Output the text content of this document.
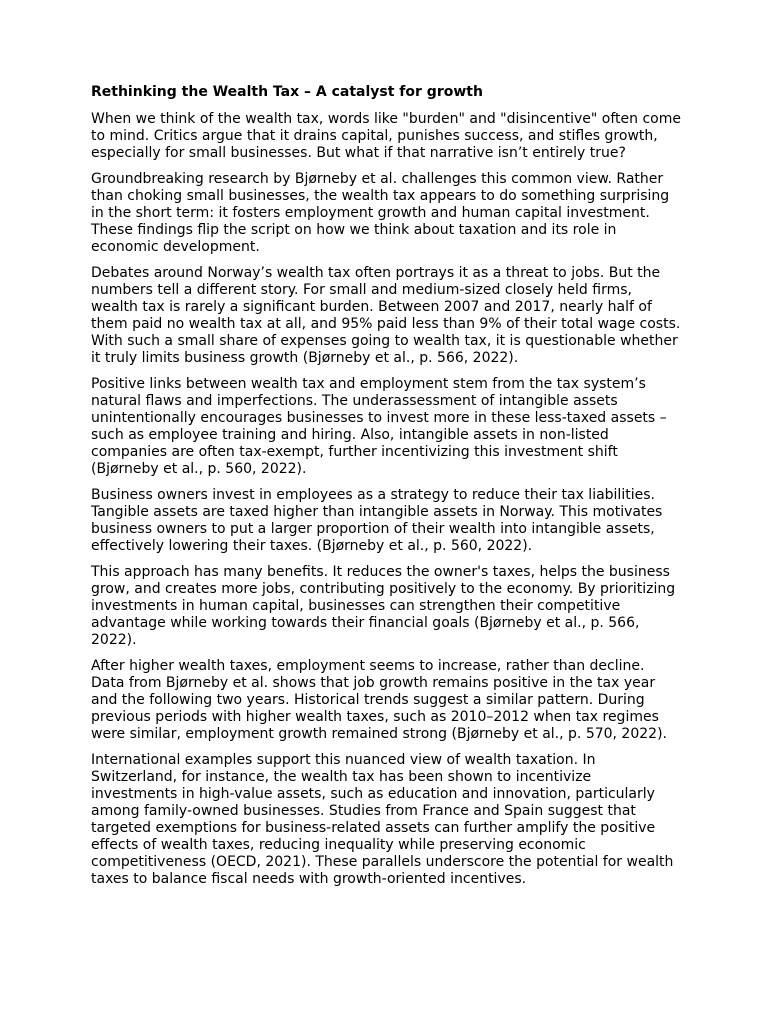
Rethinking the Wealth Tax – A catalyst for growth

When we think of the wealth tax, words like "burden" and "disincentive" often come to mind. Critics argue that it drains capital, punishes success, and stifles growth, especially for small businesses. But what if that narrative isn’t entirely true?

Groundbreaking research by Bjørneby et al. challenges this common view. Rather than choking small businesses, the wealth tax appears to do something surprising in the short term: it fosters employment growth and human capital investment. These findings flip the script on how we think about taxation and its role in economic development.

Debates around Norway’s wealth tax often portrays it as a threat to jobs. But the numbers tell a different story. For small and medium-sized closely held firms, wealth tax is rarely a significant burden. Between 2007 and 2017, nearly half of them paid no wealth tax at all, and 95% paid less than 9% of their total wage costs. With such a small share of expenses going to wealth tax, it is questionable whether it truly limits business growth (Bjørneby et al., p. 566, 2022).

Positive links between wealth tax and employment stem from the tax system’s natural flaws and imperfections. The underassessment of intangible assets unintentionally encourages businesses to invest more in these less-taxed assets – such as employee training and hiring. Also, intangible assets in non-listed companies are often tax-exempt, further incentivizing this investment shift (Bjørneby et al., p. 560, 2022).

Business owners invest in employees as a strategy to reduce their tax liabilities. Tangible assets are taxed higher than intangible assets in Norway. This motivates business owners to put a larger proportion of their wealth into intangible assets, effectively lowering their taxes. (Bjørneby et al., p. 560, 2022).

This approach has many benefits. It reduces the owner's taxes, helps the business grow, and creates more jobs, contributing positively to the economy. By prioritizing investments in human capital, businesses can strengthen their competitive advantage while working towards their financial goals (Bjørneby et al., p. 566, 2022).

After higher wealth taxes, employment seems to increase, rather than decline. Data from Bjørneby et al. shows that job growth remains positive in the tax year and the following two years. Historical trends suggest a similar pattern. During previous periods with higher wealth taxes, such as 2010–2012 when tax regimes were similar, employment growth remained strong (Bjørneby et al., p. 570, 2022).

International examples support this nuanced view of wealth taxation. In Switzerland, for instance, the wealth tax has been shown to incentivize investments in high-value assets, such as education and innovation, particularly among family-owned businesses. Studies from France and Spain suggest that targeted exemptions for business-related assets can further amplify the positive effects of wealth taxes, reducing inequality while preserving economic competitiveness (OECD, 2021). These parallels underscore the potential for wealth taxes to balance fiscal needs with growth-oriented incentives.
